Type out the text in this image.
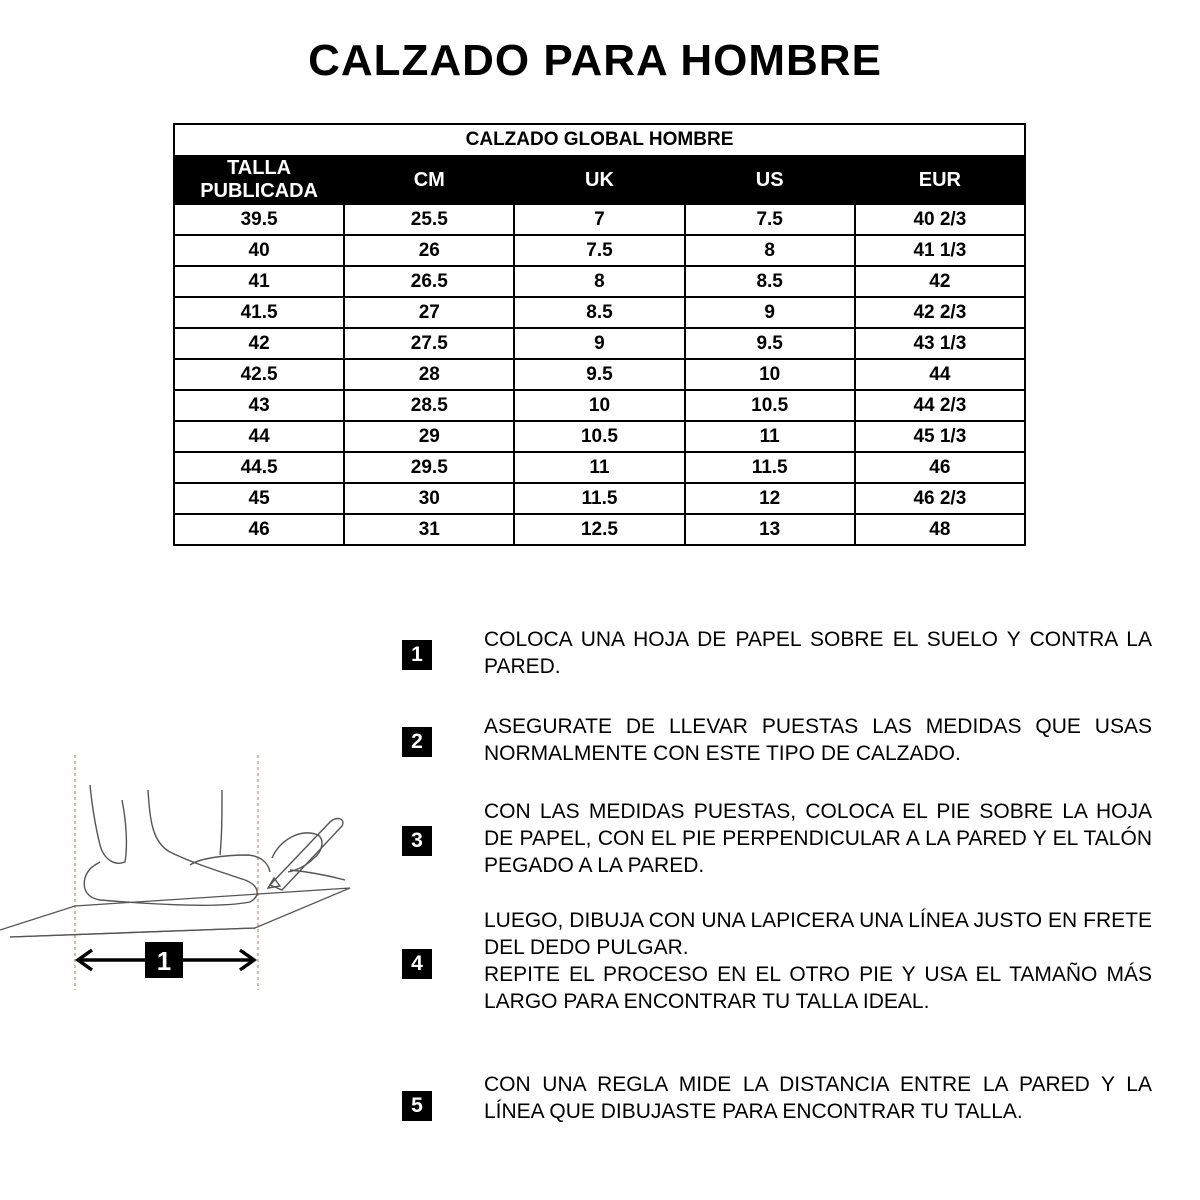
CALZADO PARA HOMBRE
CALZADO GLOBAL HOMBRE				
TALLA PUBLICADA	CM	UK	US	EUR
39.5	25.5	7	7.5	40 2/3
40	26	7.5	8	41 1/3
41	26.5	8	8.5	42
41.5	27	8.5	9	42 2/3
42	27.5	9	9.5	43 1/3
42.5	28	9.5	10	44
43	28.5	10	10.5	44 2/3
44	29	10.5	11	45 1/3
44.5	29.5	11	11.5	46
45	30	11.5	12	46 2/3
46	31	12.5	13	48
1
COLOCA UNA HOJA DE PAPEL SOBRE EL SUELO Y CONTRA LA PARED.
2
ASEGURATE DE LLEVAR PUESTAS LAS MEDIDAS QUE USAS NORMALMENTE CON ESTE TIPO DE CALZADO.
3
CON LAS MEDIDAS PUESTAS, COLOCA EL PIE SOBRE LA HOJA DE PAPEL, CON EL PIE PERPENDICULAR A LA PARED Y EL TALÓN PEGADO A LA PARED.
4
LUEGO, DIBUJA CON UNA LAPICERA UNA LÍNEA JUSTO EN FRETE DEL DEDO PULGAR.
REPITE EL PROCESO EN EL OTRO PIE Y USA EL TAMAÑO MÁS LARGO PARA ENCONTRAR TU TALLA IDEAL.
5
CON UNA REGLA MIDE LA DISTANCIA ENTRE LA PARED Y LA LÍNEA QUE DIBUJASTE PARA ENCONTRAR TU TALLA.
1
